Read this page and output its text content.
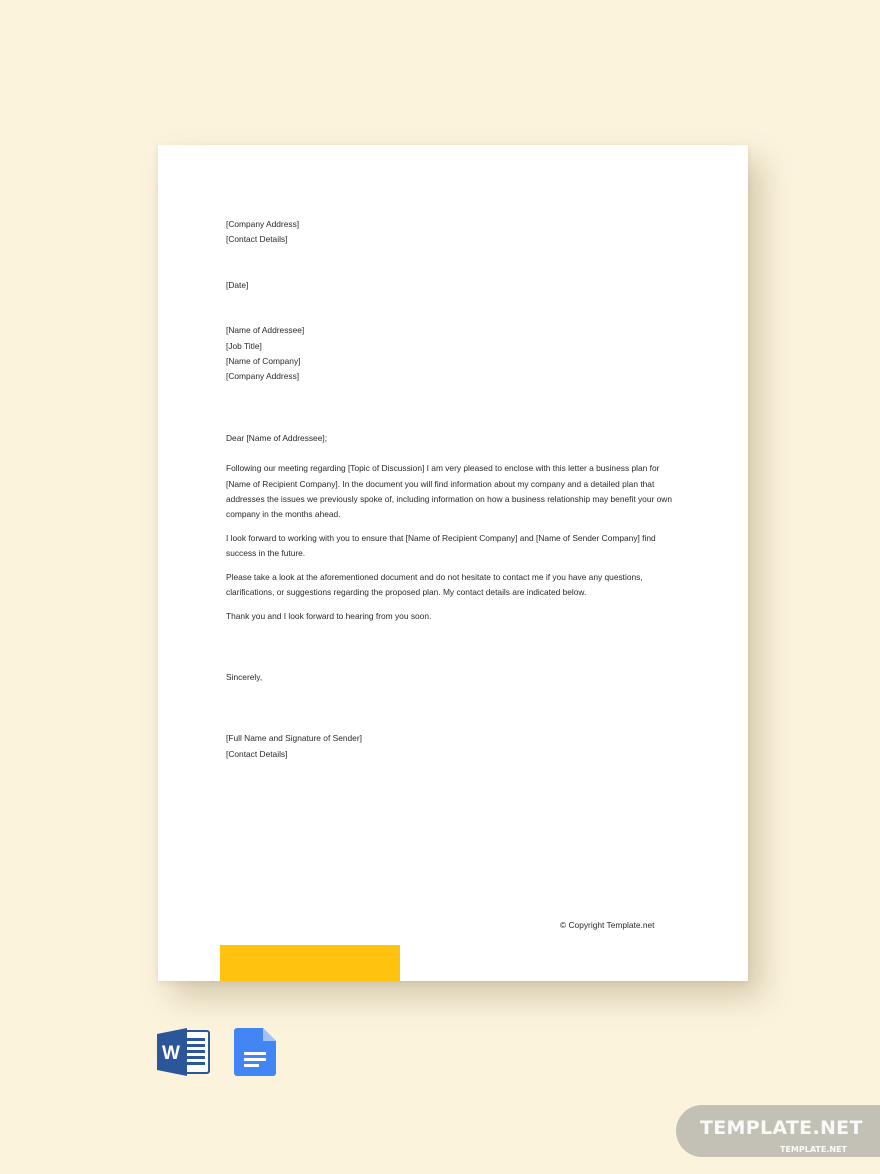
[Company Address]

[Contact Details]

[Date]

[Name of Addressee]

[Job Title]

[Name of Company]

[Company Address]

Dear [Name of Addressee];

Following our meeting regarding [Topic of Discussion] I am very pleased to enclose with this letter a business plan for [Name of Recipient Company]. In the document you will find information about my company and a detailed plan that addresses the issues we previously spoke of, including information on how a business relationship may benefit your own company in the months ahead.

I look forward to working with you to ensure that [Name of Recipient Company] and [Name of Sender Company] find success in the future.

Please take a look at the aforementioned document and do not hesitate to contact me if you have any questions, clarifications, or suggestions regarding the proposed plan. My contact details are indicated below.

Thank you and I look forward to hearing from you soon.

Sincerely,

[Full Name and Signature of Sender]

[Contact Details]

© Copyright Template.net
W
TEMPLATE.NET
TEMPLATE.NET
